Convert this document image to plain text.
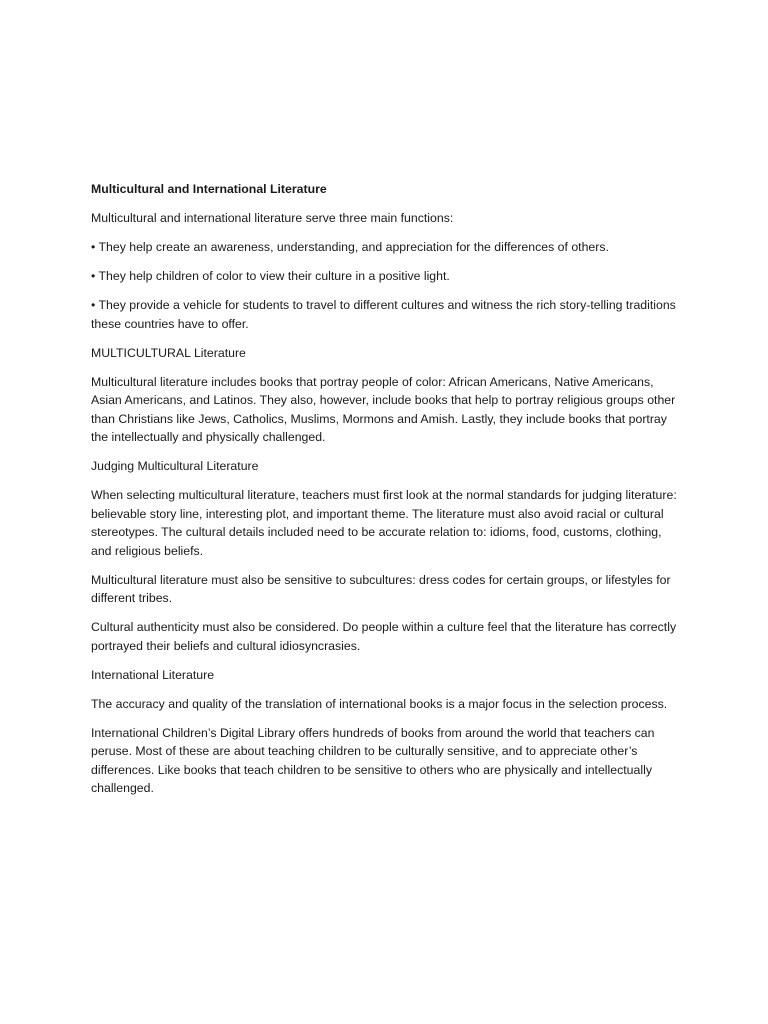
Multicultural and International Literature

Multicultural and international literature serve three main functions:

• They help create an awareness, understanding, and appreciation for the differences of others.

• They help children of color to view their culture in a positive light.

• They provide a vehicle for students to travel to different cultures and witness the rich story-telling traditions these countries have to offer.

MULTICULTURAL Literature

Multicultural literature includes books that portray people of color: African Americans, Native Americans, Asian Americans, and Latinos. They also, however, include books that help to portray religious groups other than Christians like Jews, Catholics, Muslims, Mormons and Amish. Lastly, they include books that portray the intellectually and physically challenged.

Judging Multicultural Literature

When selecting multicultural literature, teachers must first look at the normal standards for judging literature: believable story line, interesting plot, and important theme. The literature must also avoid racial or cultural stereotypes. The cultural details included need to be accurate relation to: idioms, food, customs, clothing, and religious beliefs.

Multicultural literature must also be sensitive to subcultures: dress codes for certain groups, or lifestyles for different tribes.

Cultural authenticity must also be considered. Do people within a culture feel that the literature has correctly portrayed their beliefs and cultural idiosyncrasies.

International Literature

The accuracy and quality of the translation of international books is a major focus in the selection process.

International Children’s Digital Library offers hundreds of books from around the world that teachers can peruse. Most of these are about teaching children to be culturally sensitive, and to appreciate other’s differences. Like books that teach children to be sensitive to others who are physically and intellectually challenged.
